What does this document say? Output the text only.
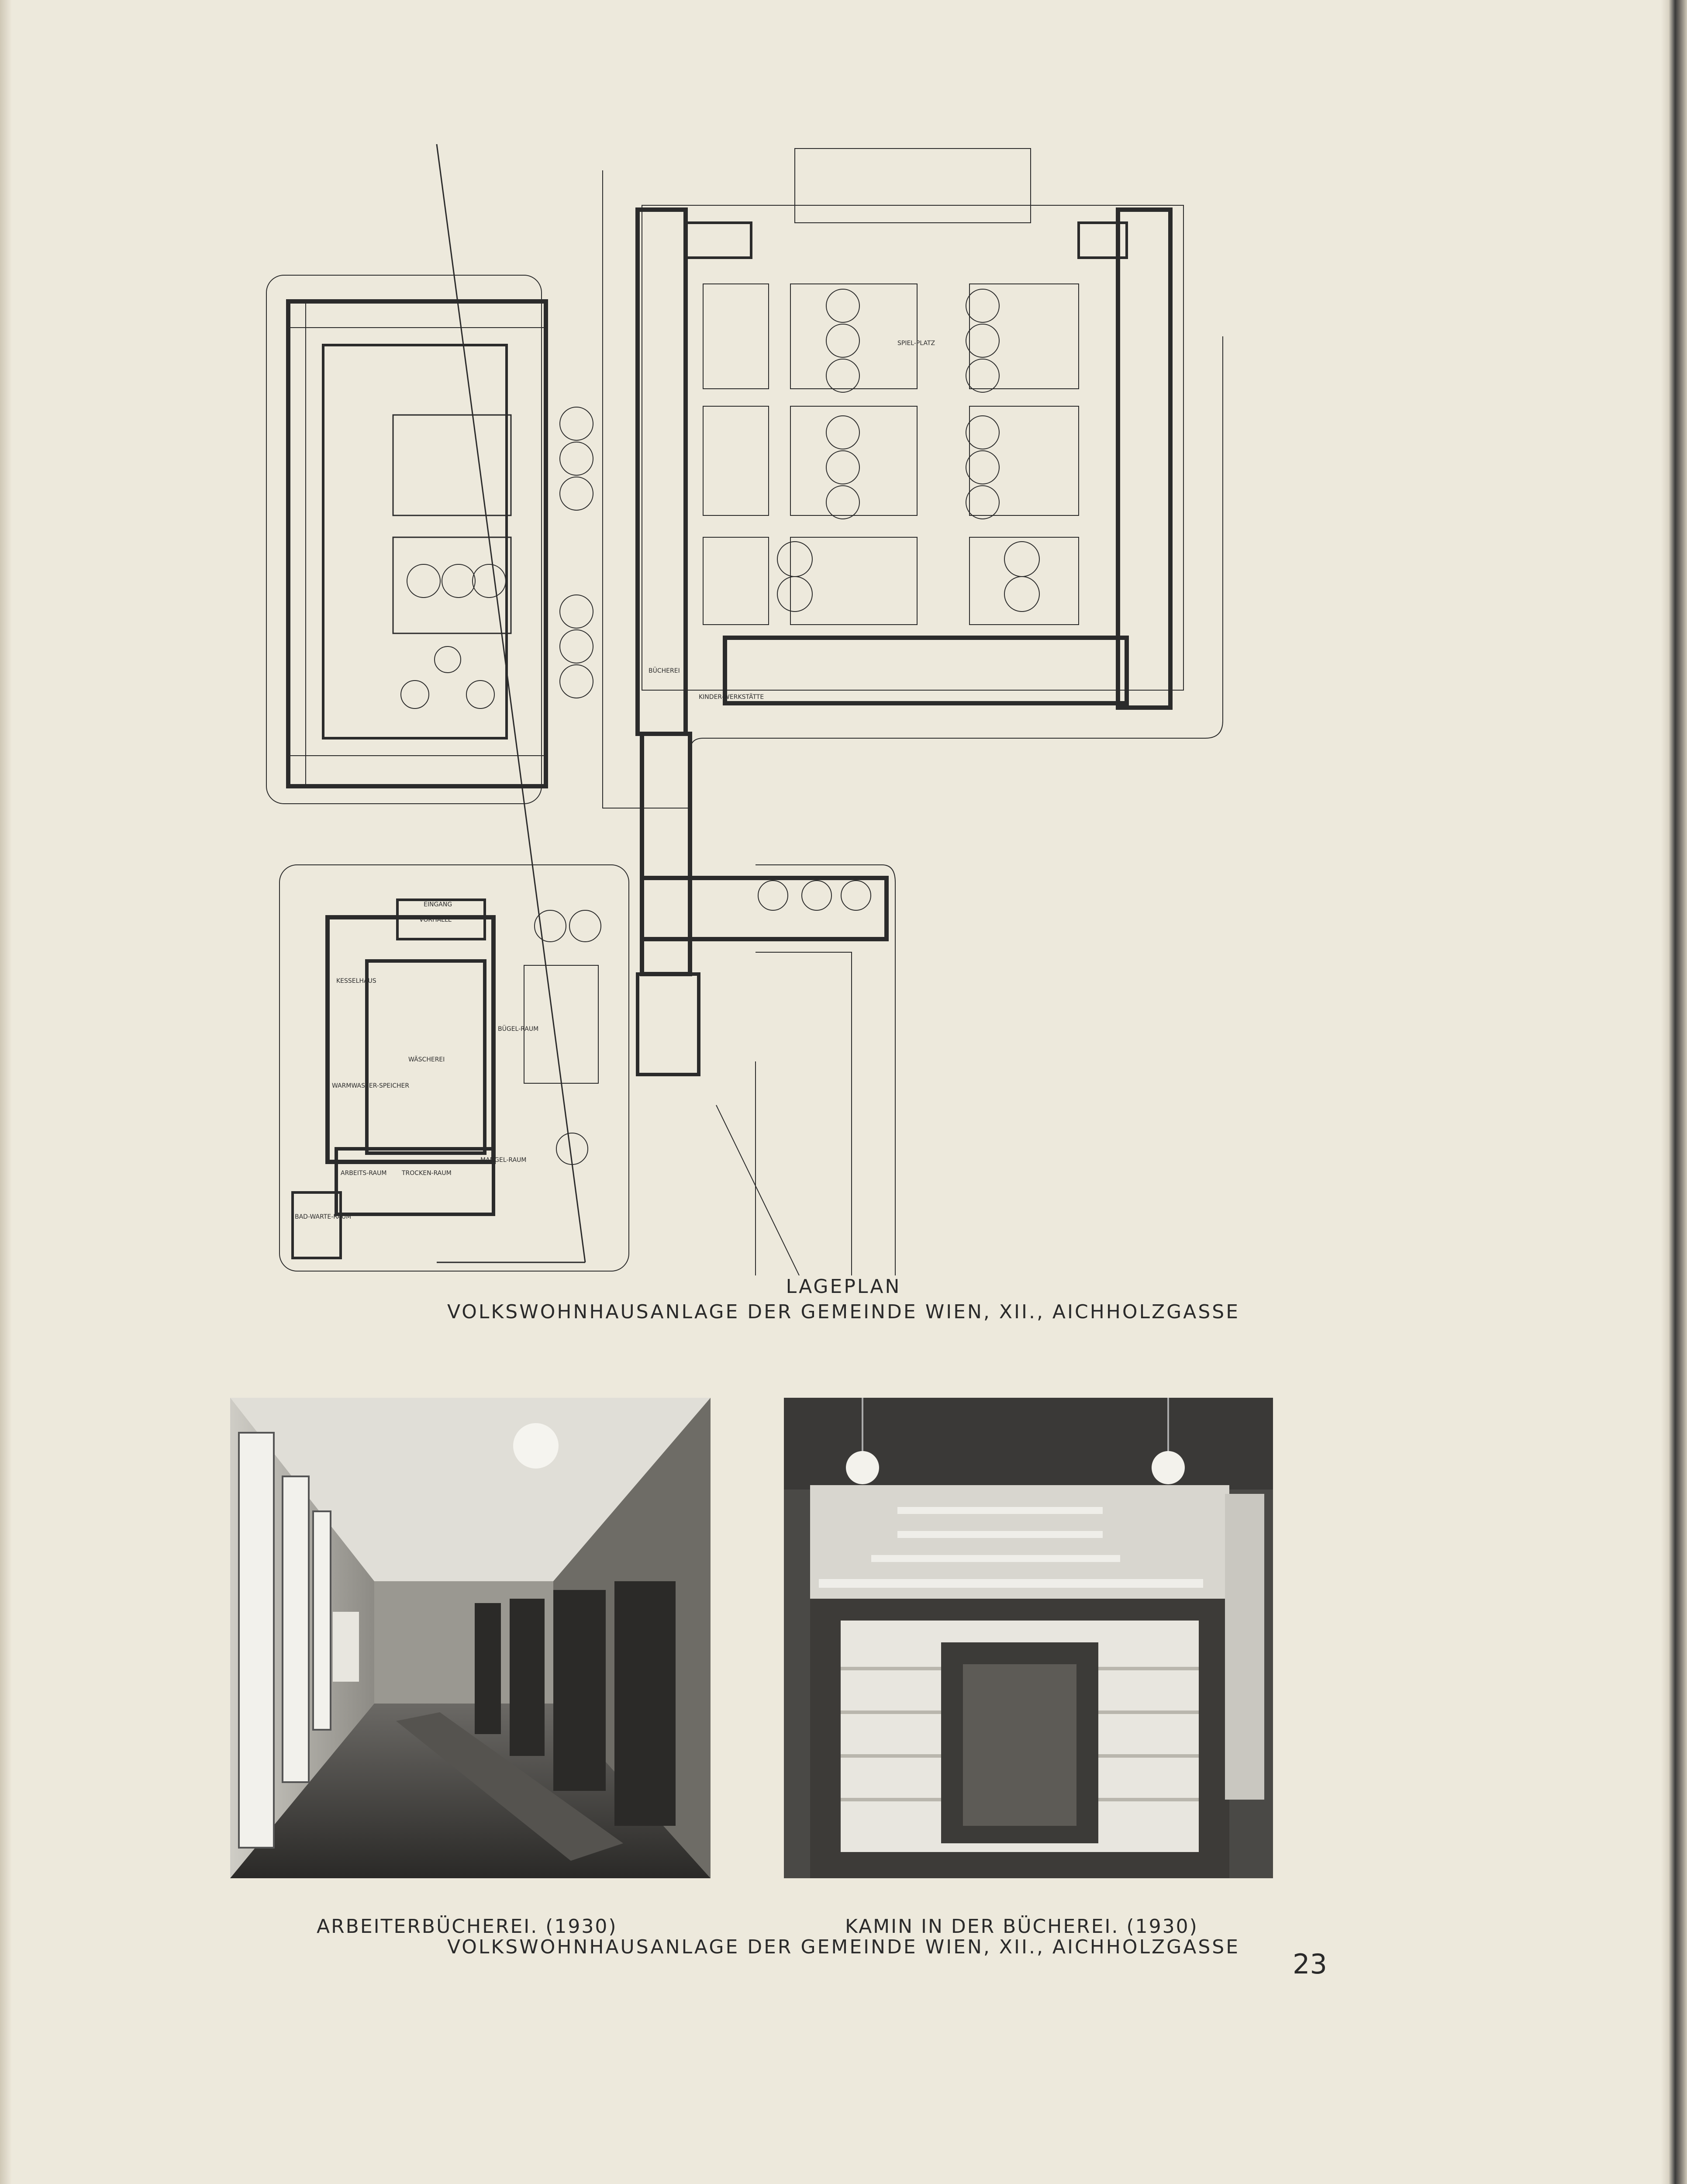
SPIEL-PLATZ
BÜCHEREI
KINDER-WERKSTÄTTE
WÄSCHEREI
TROCKEN-RAUM
MANGEL-RAUM
BÜGEL-RAUM
ARBEITS-RAUM
WARMWASSER-SPEICHER
KESSELHAUS
VORHALLE
EINGANG
BAD-WARTE-RAUM
LAGEPLAN
VOLKSWOHNHAUSANLAGE DER GEMEINDE WIEN, XII., AICHHOLZGASSE
ARBEITERBÜCHEREI. (1930)	KAMIN IN DER BÜCHEREI. (1930)
VOLKSWOHNHAUSANLAGE DER GEMEINDE WIEN, XII., AICHHOLZGASSE
23
